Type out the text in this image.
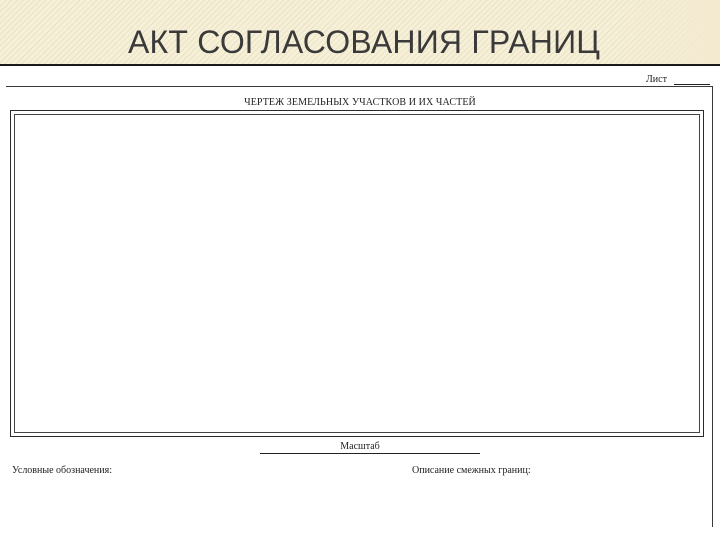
АКТ СОГЛАСОВАНИЯ ГРАНИЦ
Лист
ЧЕРТЕЖ ЗЕМЕЛЬНЫХ УЧАСТКОВ И ИХ ЧАСТЕЙ
Масштаб
Условные обозначения:	Описание смежных границ:
